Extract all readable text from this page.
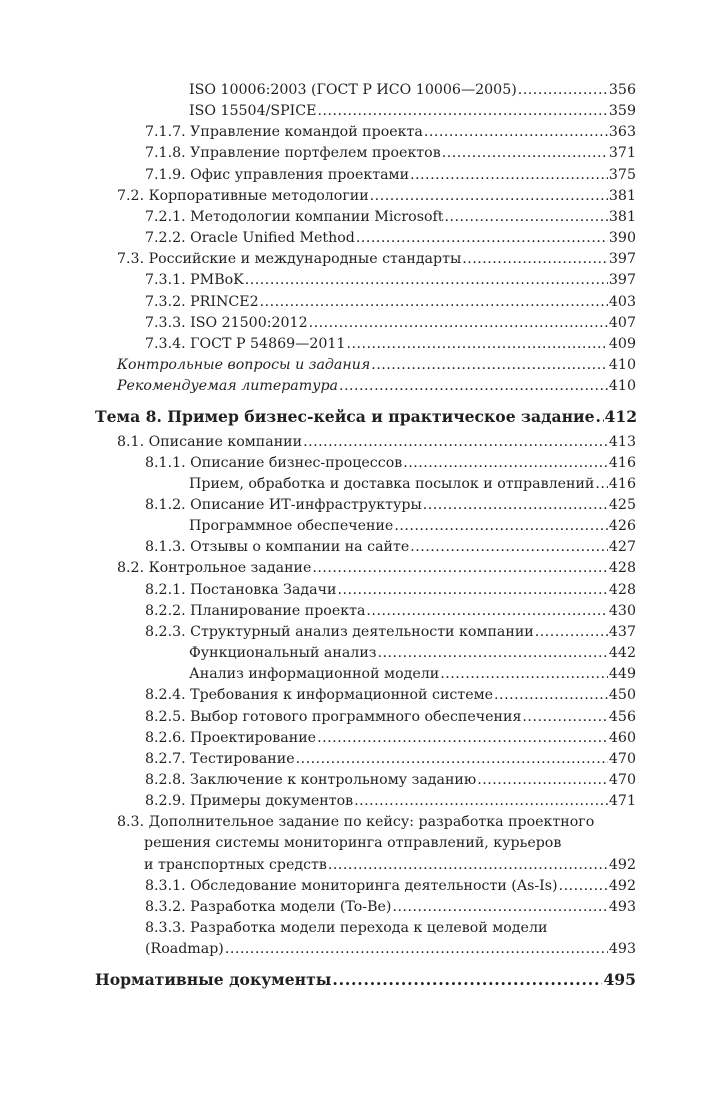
ISO 10006:2003 (ГОСТ Р ИСО 10006—2005) .....	356
ISO 15504/SPICE .....	359
7.1.7. Управление командой проекта .....	363
7.1.8. Управление портфелем проектов .....	371
7.1.9. Офис управления проектами .....	375
7.2. Корпоративные методологии .....	381
7.2.1. Методологии компании Microsoft .....	381
7.2.2. Oracle Unified Method .....	390
7.3. Российские и международные стандарты .....	397
7.3.1. PMBoK .....	397
7.3.2. PRINCE2 .....	403
7.3.3. ISO 21500:2012 .....	407
7.3.4. ГОСТ Р 54869—2011 .....	409
Контрольные вопросы и задания .....	410
Рекомендуемая литература .....	410
Тема 8. Пример бизнес-кейса и практическое задание ..... 412
8.1. Описание компании .....	413
8.1.1. Описание бизнес-процессов .....	416
Прием, обработка и доставка посылок и отправлений ..... 416
8.1.2. Описание ИТ-инфраструктуры .....	425
Программное обеспечение .....	426
8.1.3. Отзывы о компании на сайте .....	427
8.2. Контрольное задание .....	428
8.2.1. Постановка Задачи .....	428
8.2.2. Планирование проекта .....	430
8.2.3. Структурный анализ деятельности компании .....	437
Функциональный анализ .....	442
Анализ информационной модели .....	449
8.2.4. Требования к информационной системе .....	450
8.2.5. Выбор готового программного обеспечения .....	456
8.2.6. Проектирование .....	460
8.2.7. Тестирование .....	470
8.2.8. Заключение к контрольному заданию .....	470
8.2.9. Примеры документов .....	471
8.3. Дополнительное задание по кейсу: разработка проектного
решения системы мониторинга отправлений, курьеров
и транспортных средств .....	492
8.3.1. Обследование мониторинга деятельности (As-Is) .....	492
8.3.2. Разработка модели (To-Be) .....	493
8.3.3. Разработка модели перехода к целевой модели
(Roadmap) .....	493
Нормативные документы .....	495
